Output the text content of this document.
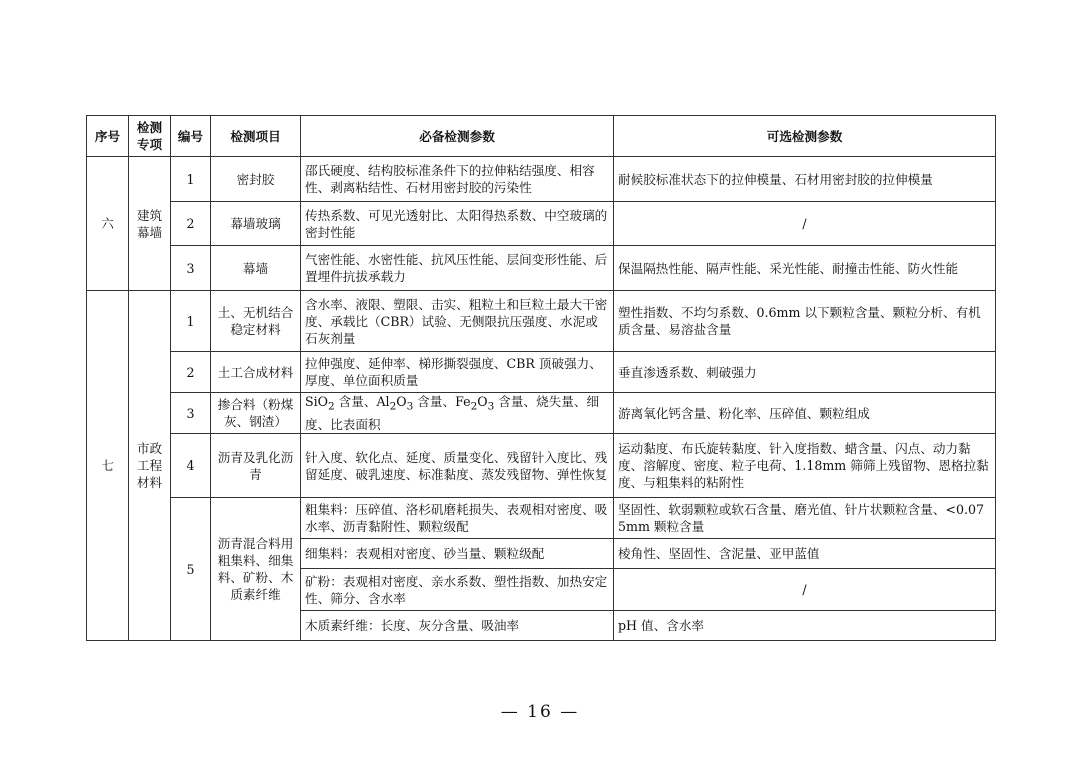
序号	检测专项	编号	检测项目	必备检测参数	可选检测参数
六	建筑幕墙	1	密封胶	邵氏硬度、结构胶标准条件下的拉伸粘结强度、相容性、剥离粘结性、石材用密封胶的污染性	耐候胶标准状态下的拉伸模量、石材用密封胶的拉伸模量
		2	幕墙玻璃	传热系数、可见光透射比、太阳得热系数、中空玻璃的密封性能	/
		3	幕墙	气密性能、水密性能、抗风压性能、层间变形性能、后置埋件抗拔承载力	保温隔热性能、隔声性能、采光性能、耐撞击性能、防火性能
七	市政工程材料	1	土、无机结合稳定材料	含水率、液限、塑限、击实、粗粒土和巨粒土最大干密度、承载比（CBR）试验、无侧限抗压强度、水泥或石灰剂量	塑性指数、不均匀系数、0.6mm 以下颗粒含量、颗粒分析、有机质含量、易溶盐含量
		2	土工合成材料	拉伸强度、延伸率、梯形撕裂强度、CBR 顶破强力、厚度、单位面积质量	垂直渗透系数、刺破强力
		3	掺合料（粉煤灰、钢渣）	SiO$_2$ 含量、$Al_2O_3$ 含量、$Fe_2O_3$ 含量、烧失量、细度、比表面积	游离氧化钙含量、粉化率、压碎值、颗粒组成
		4	沥青及乳化沥青	针入度、软化点、延度、质量变化、残留针入度比、残留延度、破乳速度、标准黏度、蒸发残留物、弹性恢复	运动黏度、布氏旋转黏度、针入度指数、蜡含量、闪点、动力黏度、溶解度、密度、粒子电荷、1.18mm 筛筛上残留物、恩格拉黏度、与粗集料的粘附性
		5	沥青混合料用粗集料、细集料、矿粉、木质素纤维	粗集料：压碎值、洛杉矶磨耗损失、表观相对密度、吸水率、沥青黏附性、颗粒级配	坚固性、软弱颗粒或软石含量、磨光值、针片状颗粒含量、<0.075mm 颗粒含量
				细集料：表观相对密度、砂当量、颗粒级配	棱角性、坚固性、含泥量、亚甲蓝值
				矿粉：表观相对密度、亲水系数、塑性指数、加热安定性、筛分、含水率	/
				木质素纤维：长度、灰分含量、吸油率	pH 值、含水率
— 16 —
